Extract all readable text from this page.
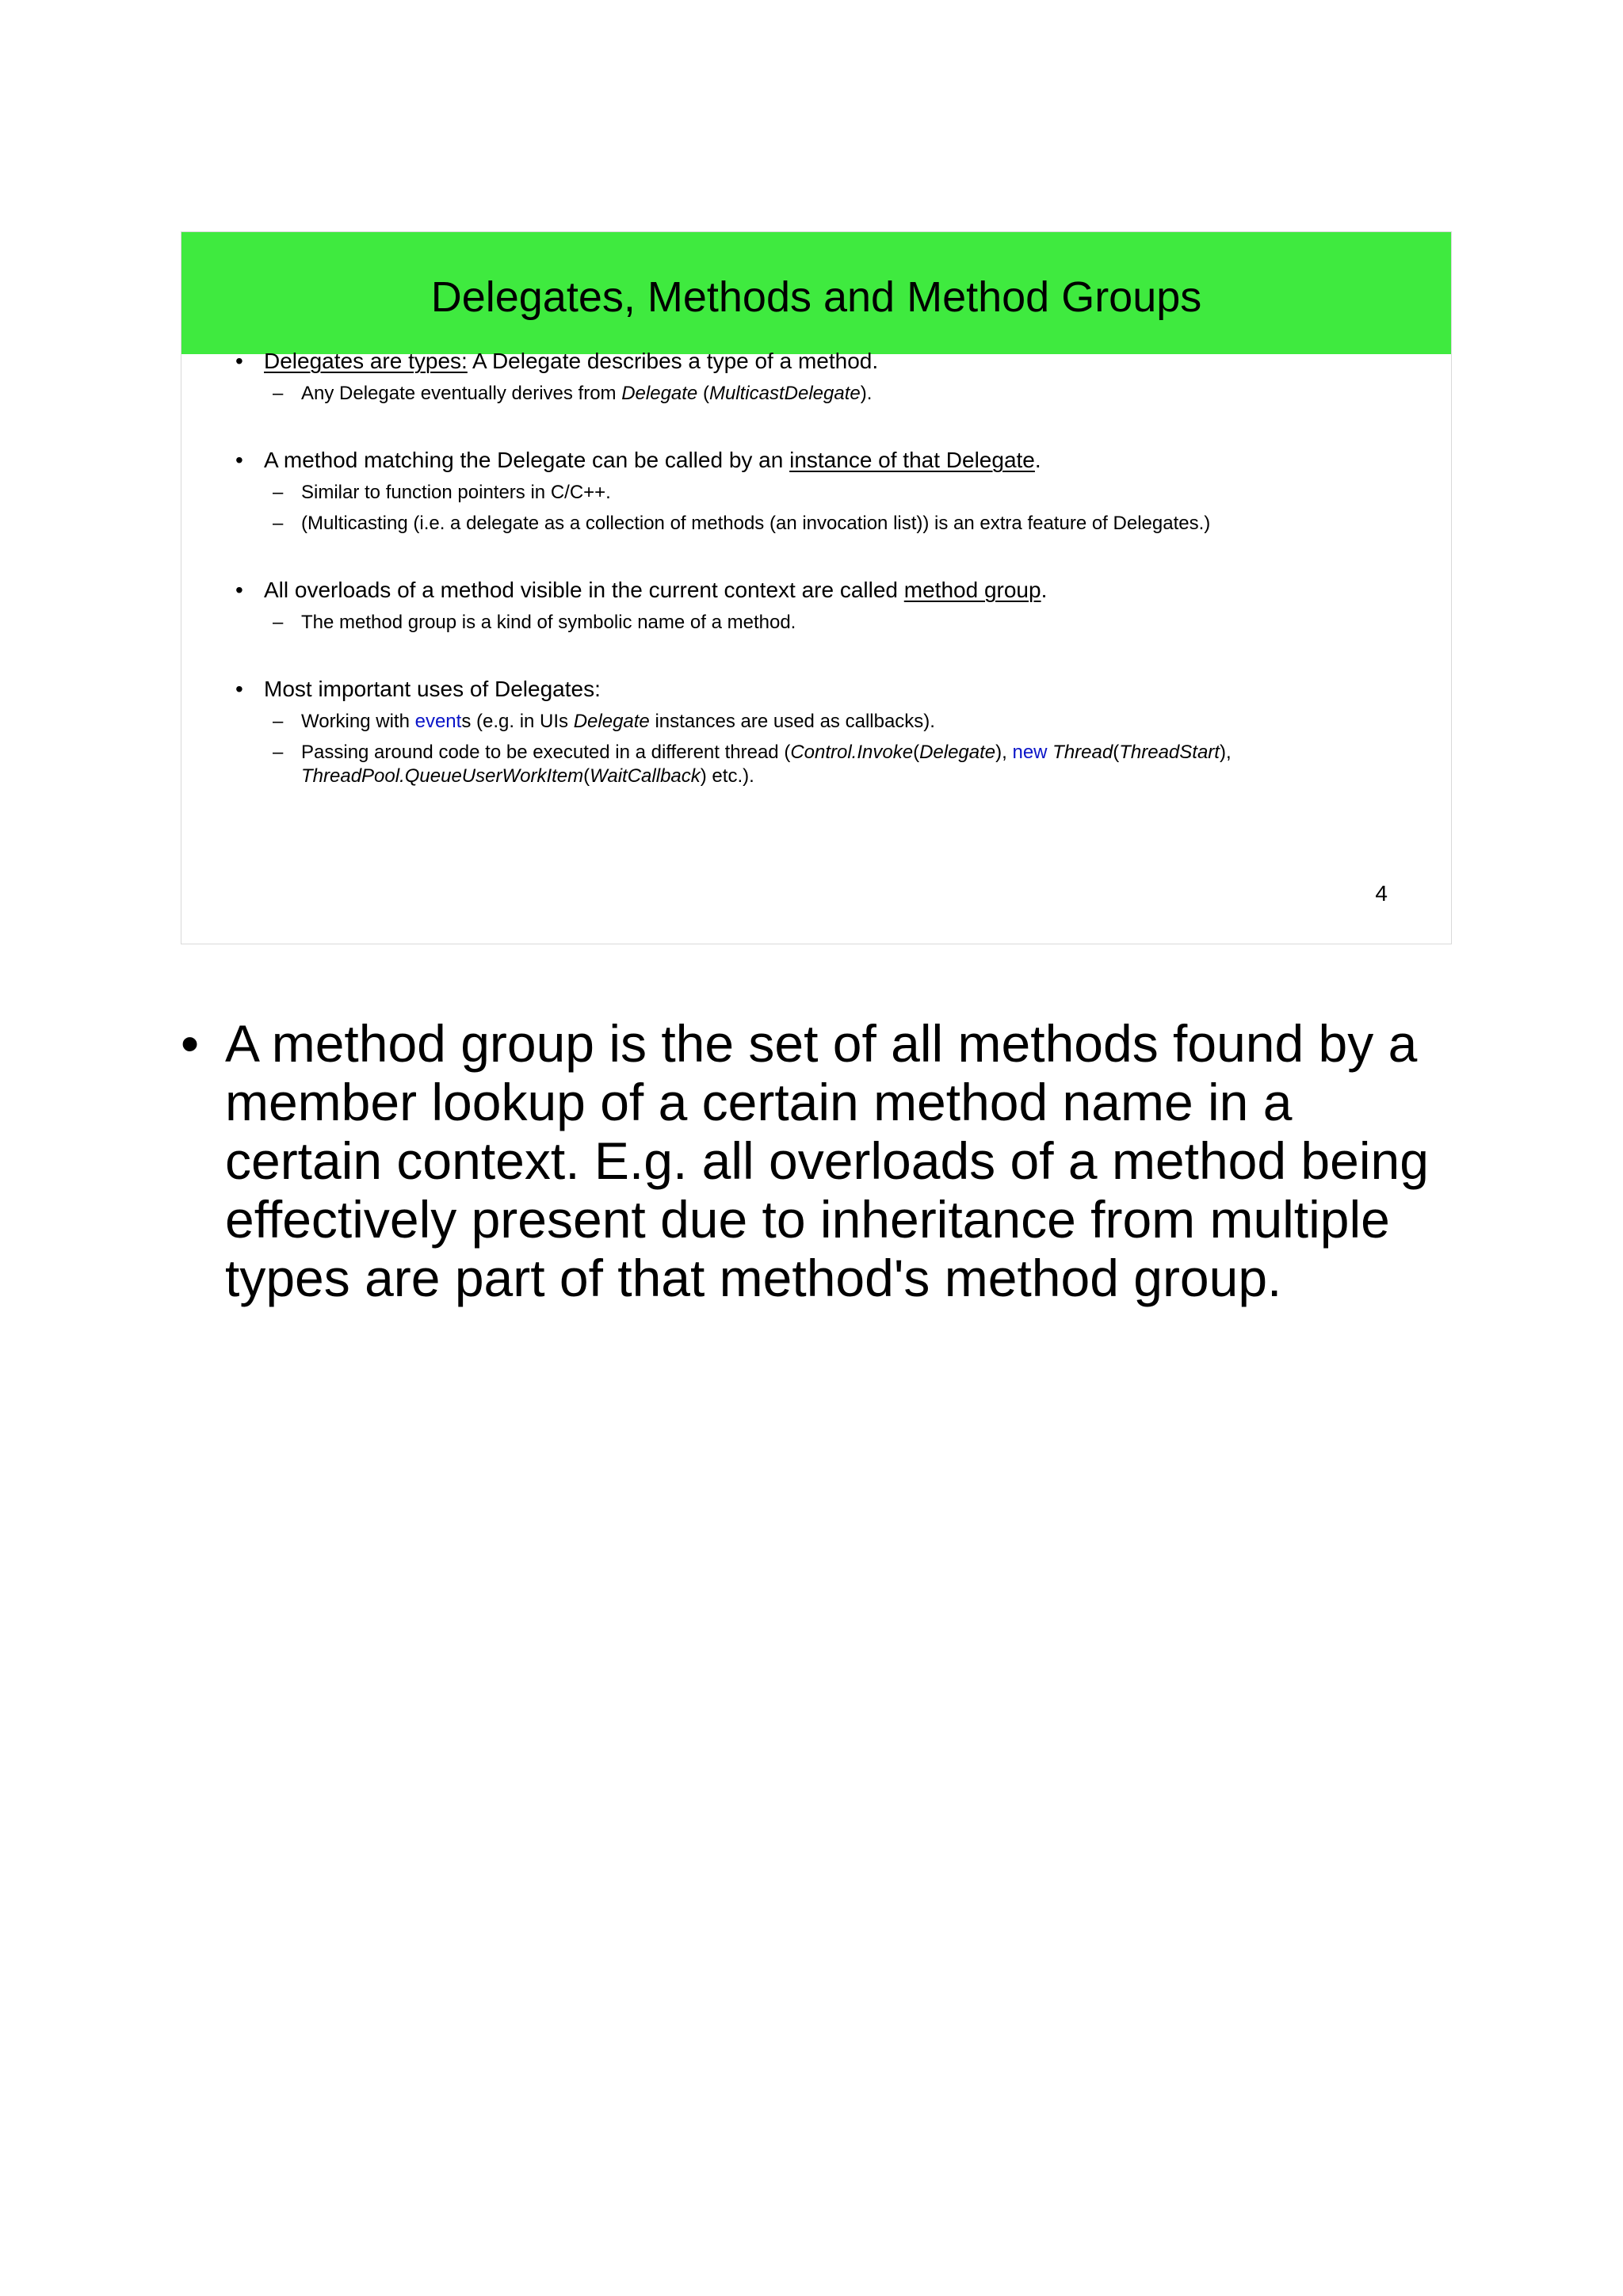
Delegates, Methods and Method Groups
• Delegates are types: A Delegate describes a type of a method.
– Any Delegate eventually derives from Delegate (MulticastDelegate).
• A method matching the Delegate can be called by an instance of that Delegate.
– Similar to function pointers in C/C++.
– (Multicasting (i.e. a delegate as a collection of methods (an invocation list)) is an extra feature of Delegates.)
• All overloads of a method visible in the current context are called method group.
– The method group is a kind of symbolic name of a method.
• Most important uses of Delegates:
– Working with events (e.g. in UIs Delegate instances are used as callbacks).
– Passing around code to be executed in a different thread (Control.Invoke(Delegate), new Thread(ThreadStart), ThreadPool.QueueUserWorkItem(WaitCallback) etc.).
4
• A method group is the set of all methods found by a member lookup of a certain method name in a certain context. E.g. all overloads of a method being effectively present due to inheritance from multiple types are part of that method's method group.
